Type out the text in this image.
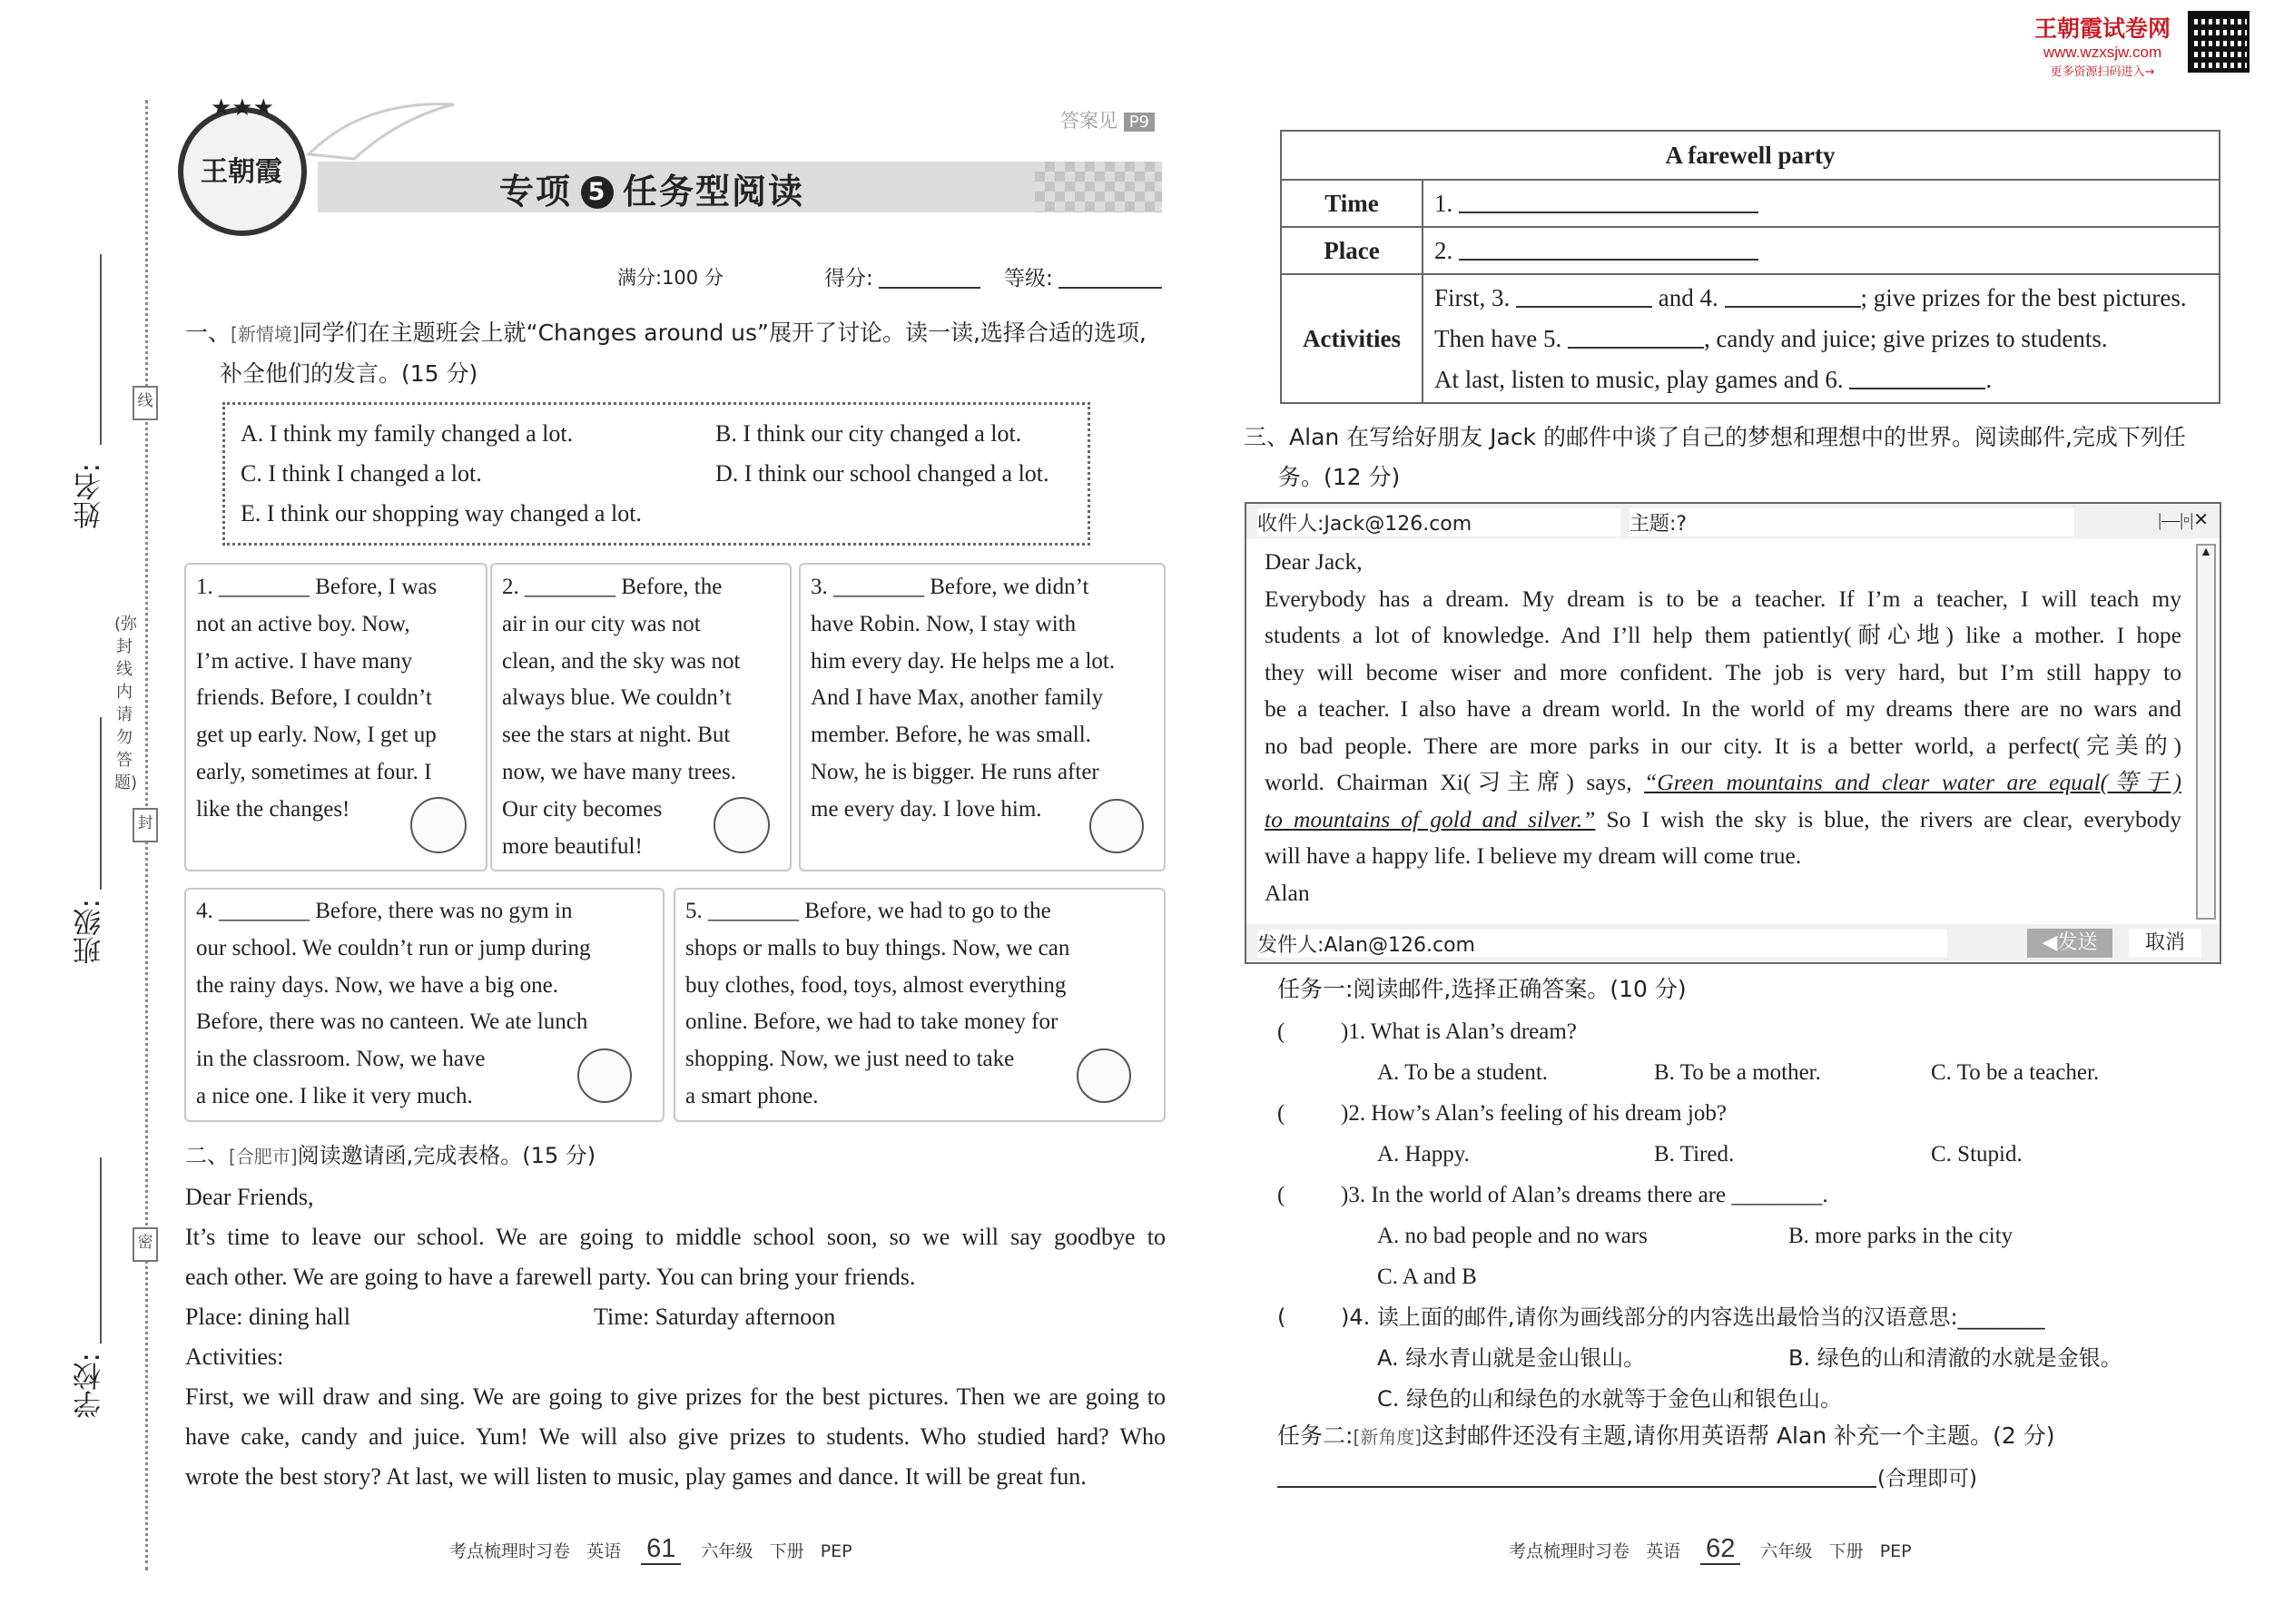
姓名:
班级:
学校:
线
封
密
(弥封线内请勿答题)
王朝霞
★★★	答案见 P9
专项 5 任务型阅读
满分:100 分	得分:	等级:
一、[新情境]同学们在主题班会上就“Changes around us”展开了讨论。读一读,选择合适的选项,
补全他们的发言。(15 分)
A. I think my family changed a lot.	B. I think our city changed a lot.
C. I think I changed a lot.	D. I think our school changed a lot.
E. I think our shopping way changed a lot.
1. ________ Before, I was
not an active boy. Now,
I’m active. I have many
friends. Before, I couldn’t
get up early. Now, I get up
early, sometimes at four. I
like the changes!
2. ________ Before, the
air in our city was not
clean, and the sky was not
always blue. We couldn’t
see the stars at night. But
now, we have many trees.
Our city becomes
more beautiful!
3. ________ Before, we didn’t
have Robin. Now, I stay with
him every day. He helps me a lot.
And I have Max, another family
member. Before, he was small.
Now, he is bigger. He runs after
me every day. I love him.
4. ________ Before, there was no gym in
our school. We couldn’t run or jump during
the rainy days. Now, we have a big one.
Before, there was no canteen. We ate lunch
in the classroom. Now, we have
a nice one. I like it very much.
5. ________ Before, we had to go to the
shops or malls to buy things. Now, we can
buy clothes, food, toys, almost everything
online. Before, we had to take money for
shopping. Now, we just need to take
a smart phone.
二、[合肥市]阅读邀请函,完成表格。(15 分)
Dear Friends,
It’s time to leave our school. We are going to middle school soon, so we will say goodbye to
each other. We are going to have a farewell party. You can bring your friends.
Place: dining hall	Time: Saturday afternoon
Activities:
First, we will draw and sing. We are going to give prizes for the best pictures. Then we are going to
have cake, candy and juice. Yum! We will also give prizes to students. Who studied hard? Who
wrote the best story? At last, we will listen to music, play games and dance. It will be great fun.
考点梳理时习卷 英语 61 六年级 下册 PEP	考点梳理时习卷 英语 62 六年级 下册 PEP
王朝霞试卷网
www.wzxsjw.com
更多资源扫码进入→
A farewell party	
Time	1.
Place	2.
Activities	First, 3. and 4. ; give prizes for the best pictures.
Then have 5. , candy and juice; give prizes to students.
At last, listen to music, play games and 6. .
三、Alan 在写给好朋友 Jack 的邮件中谈了自己的梦想和理想中的世界。阅读邮件,完成下列任
务。(12 分)
收件人:Jack@126.com	主题:?	|—|▫|✕
Dear Jack,
Everybody has a dream. My dream is to be a teacher. If I’m a teacher, I will teach my
students a lot of knowledge. And I’ll help them patiently(耐心地) like a mother. I hope
they will become wiser and more confident. The job is very hard, but I’m still happy to
be a teacher. I also have a dream world. In the world of my dreams there are no wars and
no bad people. There are more parks in our city. It is a better world, a perfect(完美的)
world. Chairman Xi(习主席) says, “Green mountains and clear water are equal(等于)
to mountains of gold and silver.” So I wish the sky is blue, the rivers are clear, everybody
will have a happy life. I believe my dream will come true.
Alan
▲
发件人:Alan@126.com	◀发送	取消
任务一:阅读邮件,选择正确答案。(10 分)
( )1. What is Alan’s dream?
A. To be a student.	B. To be a mother.	C. To be a teacher.
( )2. How’s Alan’s feeling of his dream job?
A. Happy.	B. Tired.	C. Stupid.
( )3. In the world of Alan’s dreams there are ________.
A. no bad people and no wars	B. more parks in the city
C. A and B
(	)4. 读上面的邮件,请你为画线部分的内容选出最恰当的汉语意思:________
A. 绿水青山就是金山银山。	B. 绿色的山和清澈的水就是金银。
C. 绿色的山和绿色的水就等于金色山和银色山。
任务二:[新角度]这封邮件还没有主题,请你用英语帮 Alan 补充一个主题。(2 分)
(合理即可)
